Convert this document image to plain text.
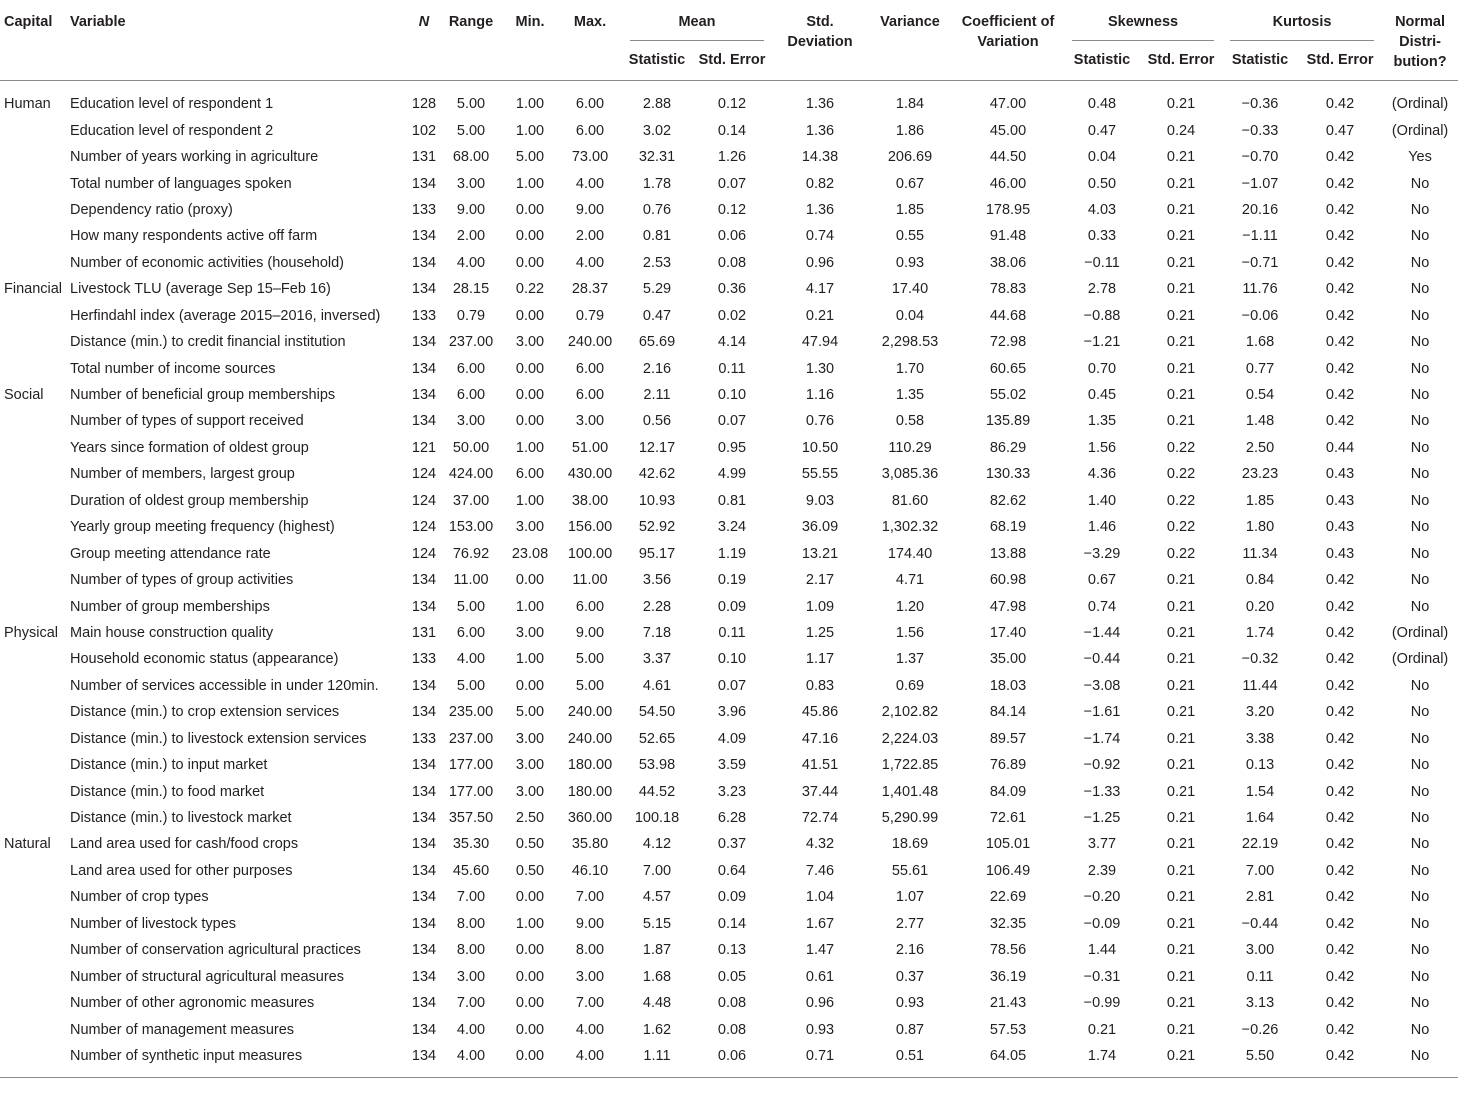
Capital	Variable	N	Range	Min.	Max.	Mean		Std. Deviation	Variance	Coefficient of Variation	Skewness		Kurtosis		Normal Distri-bution?

						Statistic	Std. Error				Statistic	Std. Error	Statistic	Std. Error	
Human	Education level of respondent 1	128	5.00	1.00	6.00	2.88	0.12	1.36	1.84	47.00	0.48	0.21	−0.36	0.42	(Ordinal)
	Education level of respondent 2	102	5.00	1.00	6.00	3.02	0.14	1.36	1.86	45.00	0.47	0.24	−0.33	0.47	(Ordinal)
	Number of years working in agriculture	131	68.00	5.00	73.00	32.31	1.26	14.38	206.69	44.50	0.04	0.21	−0.70	0.42	Yes
	Total number of languages spoken	134	3.00	1.00	4.00	1.78	0.07	0.82	0.67	46.00	0.50	0.21	−1.07	0.42	No
	Dependency ratio (proxy)	133	9.00	0.00	9.00	0.76	0.12	1.36	1.85	178.95	4.03	0.21	20.16	0.42	No
	How many respondents active off farm	134	2.00	0.00	2.00	0.81	0.06	0.74	0.55	91.48	0.33	0.21	−1.11	0.42	No
	Number of economic activities (household)	134	4.00	0.00	4.00	2.53	0.08	0.96	0.93	38.06	−0.11	0.21	−0.71	0.42	No
Financial	Livestock TLU (average Sep 15–Feb 16)	134	28.15	0.22	28.37	5.29	0.36	4.17	17.40	78.83	2.78	0.21	11.76	0.42	No
	Herfindahl index (average 2015–2016, inversed)	133	0.79	0.00	0.79	0.47	0.02	0.21	0.04	44.68	−0.88	0.21	−0.06	0.42	No
	Distance (min.) to credit financial institution	134	237.00	3.00	240.00	65.69	4.14	47.94	2,298.53	72.98	−1.21	0.21	1.68	0.42	No
	Total number of income sources	134	6.00	0.00	6.00	2.16	0.11	1.30	1.70	60.65	0.70	0.21	0.77	0.42	No
Social	Number of beneficial group memberships	134	6.00	0.00	6.00	2.11	0.10	1.16	1.35	55.02	0.45	0.21	0.54	0.42	No
	Number of types of support received	134	3.00	0.00	3.00	0.56	0.07	0.76	0.58	135.89	1.35	0.21	1.48	0.42	No
	Years since formation of oldest group	121	50.00	1.00	51.00	12.17	0.95	10.50	110.29	86.29	1.56	0.22	2.50	0.44	No
	Number of members, largest group	124	424.00	6.00	430.00	42.62	4.99	55.55	3,085.36	130.33	4.36	0.22	23.23	0.43	No
	Duration of oldest group membership	124	37.00	1.00	38.00	10.93	0.81	9.03	81.60	82.62	1.40	0.22	1.85	0.43	No
	Yearly group meeting frequency (highest)	124	153.00	3.00	156.00	52.92	3.24	36.09	1,302.32	68.19	1.46	0.22	1.80	0.43	No
	Group meeting attendance rate	124	76.92	23.08	100.00	95.17	1.19	13.21	174.40	13.88	−3.29	0.22	11.34	0.43	No
	Number of types of group activities	134	11.00	0.00	11.00	3.56	0.19	2.17	4.71	60.98	0.67	0.21	0.84	0.42	No
	Number of group memberships	134	5.00	1.00	6.00	2.28	0.09	1.09	1.20	47.98	0.74	0.21	0.20	0.42	No
Physical	Main house construction quality	131	6.00	3.00	9.00	7.18	0.11	1.25	1.56	17.40	−1.44	0.21	1.74	0.42	(Ordinal)
	Household economic status (appearance)	133	4.00	1.00	5.00	3.37	0.10	1.17	1.37	35.00	−0.44	0.21	−0.32	0.42	(Ordinal)
	Number of services accessible in under 120min.	134	5.00	0.00	5.00	4.61	0.07	0.83	0.69	18.03	−3.08	0.21	11.44	0.42	No
	Distance (min.) to crop extension services	134	235.00	5.00	240.00	54.50	3.96	45.86	2,102.82	84.14	−1.61	0.21	3.20	0.42	No
	Distance (min.) to livestock extension services	133	237.00	3.00	240.00	52.65	4.09	47.16	2,224.03	89.57	−1.74	0.21	3.38	0.42	No
	Distance (min.) to input market	134	177.00	3.00	180.00	53.98	3.59	41.51	1,722.85	76.89	−0.92	0.21	0.13	0.42	No
	Distance (min.) to food market	134	177.00	3.00	180.00	44.52	3.23	37.44	1,401.48	84.09	−1.33	0.21	1.54	0.42	No
	Distance (min.) to livestock market	134	357.50	2.50	360.00	100.18	6.28	72.74	5,290.99	72.61	−1.25	0.21	1.64	0.42	No
Natural	Land area used for cash/food crops	134	35.30	0.50	35.80	4.12	0.37	4.32	18.69	105.01	3.77	0.21	22.19	0.42	No
	Land area used for other purposes	134	45.60	0.50	46.10	7.00	0.64	7.46	55.61	106.49	2.39	0.21	7.00	0.42	No
	Number of crop types	134	7.00	0.00	7.00	4.57	0.09	1.04	1.07	22.69	−0.20	0.21	2.81	0.42	No
	Number of livestock types	134	8.00	1.00	9.00	5.15	0.14	1.67	2.77	32.35	−0.09	0.21	−0.44	0.42	No
	Number of conservation agricultural practices	134	8.00	0.00	8.00	1.87	0.13	1.47	2.16	78.56	1.44	0.21	3.00	0.42	No
	Number of structural agricultural measures	134	3.00	0.00	3.00	1.68	0.05	0.61	0.37	36.19	−0.31	0.21	0.11	0.42	No
	Number of other agronomic measures	134	7.00	0.00	7.00	4.48	0.08	0.96	0.93	21.43	−0.99	0.21	3.13	0.42	No
	Number of management measures	134	4.00	0.00	4.00	1.62	0.08	0.93	0.87	57.53	0.21	0.21	−0.26	0.42	No
	Number of synthetic input measures	134	4.00	0.00	4.00	1.11	0.06	0.71	0.51	64.05	1.74	0.21	5.50	0.42	No
